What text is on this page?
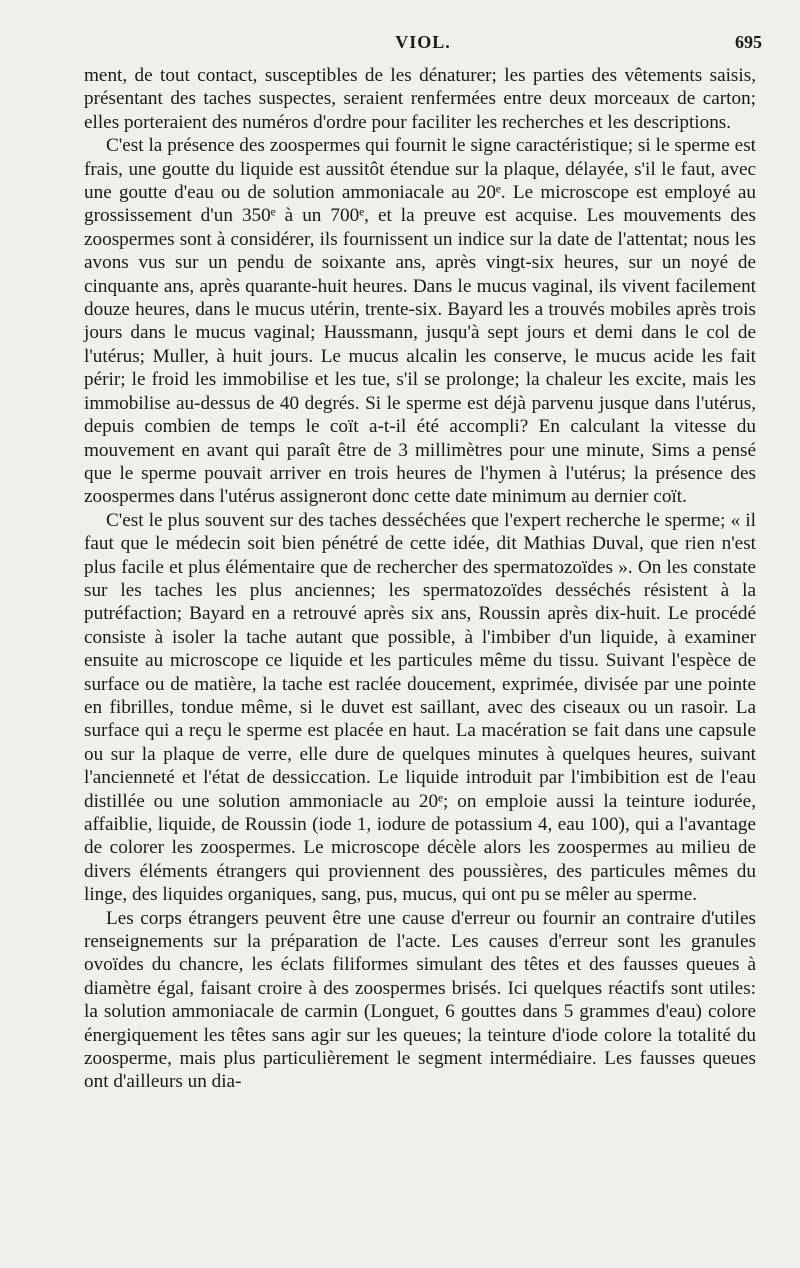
VIOL.	695

ment, de tout contact, susceptibles de les dénaturer; les parties des vêtements saisis, présentant des taches suspectes, seraient renfermées entre deux morceaux de carton; elles porteraient des numéros d'ordre pour faciliter les recherches et les descriptions.

C'est la présence des zoospermes qui fournit le signe caractéristique; si le sperme est frais, une goutte du liquide est aussitôt étendue sur la plaque, délayée, s'il le faut, avec une goutte d'eau ou de solution ammoniacale au 20ᵉ. Le microscope est employé au grossissement d'un 350ᵉ à un 700ᵉ, et la preuve est acquise. Les mouvements des zoospermes sont à considérer, ils fournissent un indice sur la date de l'attentat; nous les avons vus sur un pendu de soixante ans, après vingt-six heures, sur un noyé de cinquante ans, après quarante-huit heures. Dans le mucus vaginal, ils vivent facilement douze heures, dans le mucus utérin, trente-six. Bayard les a trouvés mobiles après trois jours dans le mucus vaginal; Haussmann, jusqu'à sept jours et demi dans le col de l'utérus; Muller, à huit jours. Le mucus alcalin les conserve, le mucus acide les fait périr; le froid les immobilise et les tue, s'il se prolonge; la chaleur les excite, mais les immobilise au-dessus de 40 degrés. Si le sperme est déjà parvenu jusque dans l'utérus, depuis combien de temps le coït a-t-il été accompli? En calculant la vitesse du mouvement en avant qui paraît être de 3 millimètres pour une minute, Sims a pensé que le sperme pouvait arriver en trois heures de l'hymen à l'utérus; la présence des zoospermes dans l'utérus assigneront donc cette date minimum au dernier coït.

C'est le plus souvent sur des taches desséchées que l'expert recherche le sperme; « il faut que le médecin soit bien pénétré de cette idée, dit Mathias Duval, que rien n'est plus facile et plus élémentaire que de rechercher des spermatozoïdes ». On les constate sur les taches les plus anciennes; les spermatozoïdes desséchés résistent à la putréfaction; Bayard en a retrouvé après six ans, Roussin après dix-huit. Le procédé consiste à isoler la tache autant que possible, à l'imbiber d'un liquide, à examiner ensuite au microscope ce liquide et les particules même du tissu. Suivant l'espèce de surface ou de matière, la tache est raclée doucement, exprimée, divisée par une pointe en fibrilles, tondue même, si le duvet est saillant, avec des ciseaux ou un rasoir. La surface qui a reçu le sperme est placée en haut. La macération se fait dans une capsule ou sur la plaque de verre, elle dure de quelques minutes à quelques heures, suivant l'ancienneté et l'état de dessiccation. Le liquide introduit par l'imbibition est de l'eau distillée ou une solution ammoniacle au 20ᵉ; on emploie aussi la teinture iodurée, affaiblie, liquide, de Roussin (iode 1, iodure de potassium 4, eau 100), qui a l'avantage de colorer les zoospermes. Le microscope décèle alors les zoospermes au milieu de divers éléments étrangers qui proviennent des poussières, des particules mêmes du linge, des liquides organiques, sang, pus, mucus, qui ont pu se mêler au sperme.

Les corps étrangers peuvent être une cause d'erreur ou fournir an contraire d'utiles renseignements sur la préparation de l'acte. Les causes d'erreur sont les granules ovoïdes du chancre, les éclats filiformes simulant des têtes et des fausses queues à diamètre égal, faisant croire à des zoospermes brisés. Ici quelques réactifs sont utiles: la solution ammoniacale de carmin (Longuet, 6 gouttes dans 5 grammes d'eau) colore énergiquement les têtes sans agir sur les queues; la teinture d'iode colore la totalité du zoosperme, mais plus particulièrement le segment intermédiaire. Les fausses queues ont d'ailleurs un dia-
